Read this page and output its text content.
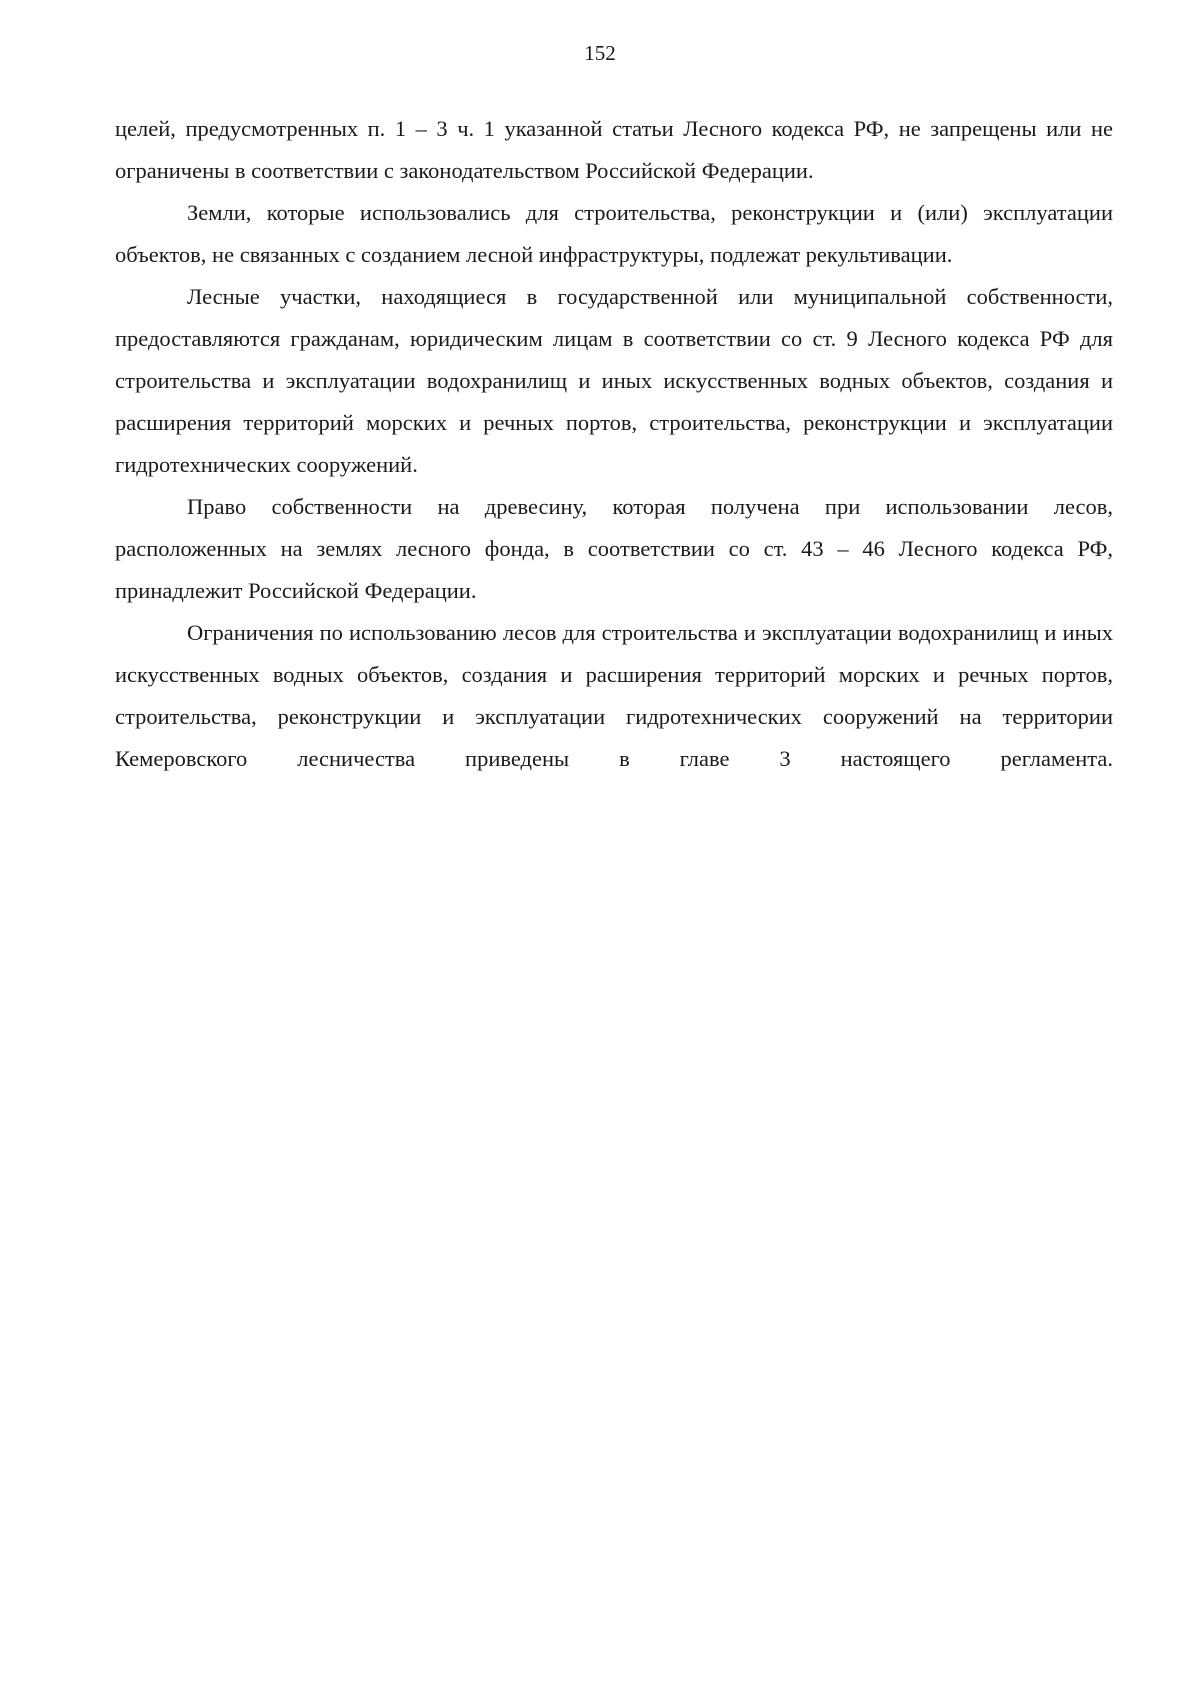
152

целей, предусмотренных п. 1 – 3 ч. 1 указанной статьи Лесного кодекса РФ, не запрещены или не ограничены в соответствии с законодательством Российской Федерации.

Земли, которые использовались для строительства, реконструкции и (или) эксплуатации объектов, не связанных с созданием лесной инфраструктуры, подлежат рекультивации.

Лесные участки, находящиеся в государственной или муниципальной собственности, предоставляются гражданам, юридическим лицам в соответствии со ст. 9 Лесного кодекса РФ для строительства и эксплуатации водохранилищ и иных искусственных водных объектов, создания и расширения территорий морских и речных портов, строительства, реконструкции и эксплуатации гидротехнических сооружений.

Право собственности на древесину, которая получена при использовании лесов, расположенных на землях лесного фонда, в соответствии со ст. 43 – 46 Лесного кодекса РФ, принадлежит Российской Федерации.

Ограничения по использованию лесов для строительства и эксплуатации водохранилищ и иных искусственных водных объектов, создания и расширения территорий морских и речных портов, строительства, реконструкции и эксплуатации гидротехнических сооружений на территории Кемеровского лесничества приведены в главе 3 настоящего регламента.
